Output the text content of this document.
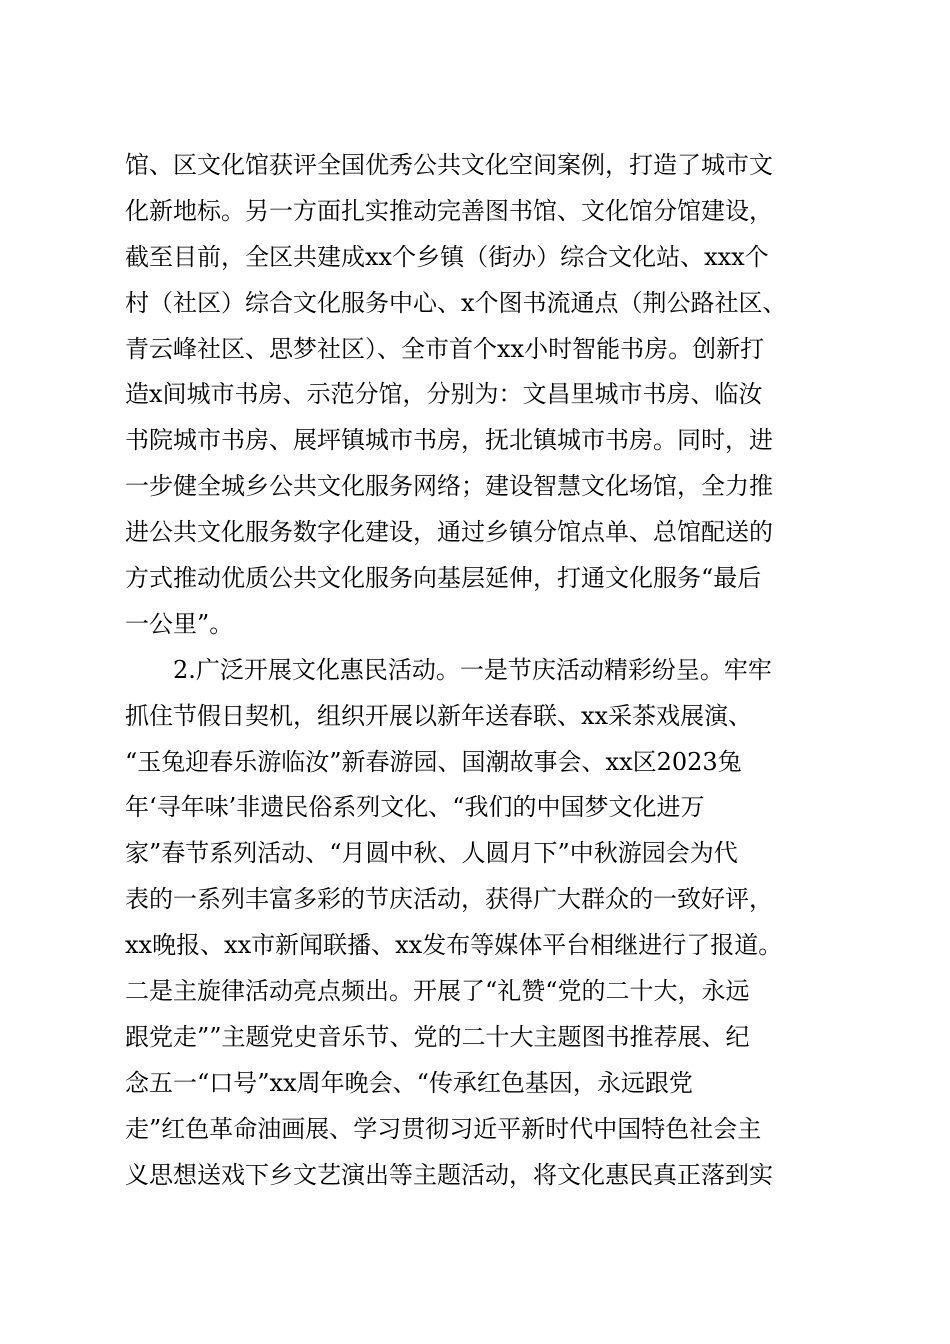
馆、区文化馆获评全国优秀公共文化空间案例，打造了城市文
化新地标。另一方面扎实推动完善图书馆、文化馆分馆建设，
截至目前，全区共建成xx个乡镇（街办）综合文化站、xxx个
村（社区）综合文化服务中心、x个图书流通点（荆公路社区、
青云峰社区、思梦社区）、全市首个xx小时智能书房。创新打
造x间城市书房、示范分馆，分别为：文昌里城市书房、临汝
书院城市书房、展坪镇城市书房，抚北镇城市书房。同时，进
一步健全城乡公共文化服务网络；建设智慧文化场馆，全力推
进公共文化服务数字化建设，通过乡镇分馆点单、总馆配送的
方式推动优质公共文化服务向基层延伸，打通文化服务“最后
一公里”。
　　2.广泛开展文化惠民活动。一是节庆活动精彩纷呈。牢牢
抓住节假日契机，组织开展以新年送春联、xx采茶戏展演、
“玉兔迎春乐游临汝”新春游园、国潮故事会、xx区2023兔
年‘寻年味’非遗民俗系列文化、“我们的中国梦文化进万
家”春节系列活动、“月圆中秋、人圆月下”中秋游园会为代
表的一系列丰富多彩的节庆活动，获得广大群众的一致好评，
xx晚报、xx市新闻联播、xx发布等媒体平台相继进行了报道。
二是主旋律活动亮点频出。开展了“礼赞“党的二十大，永远
跟党走””主题党史音乐节、党的二十大主题图书推荐展、纪
念五一“口号”xx周年晚会、“传承红色基因，永远跟党
走”红色革命油画展、学习贯彻习近平新时代中国特色社会主
义思想送戏下乡文艺演出等主题活动，将文化惠民真正落到实
